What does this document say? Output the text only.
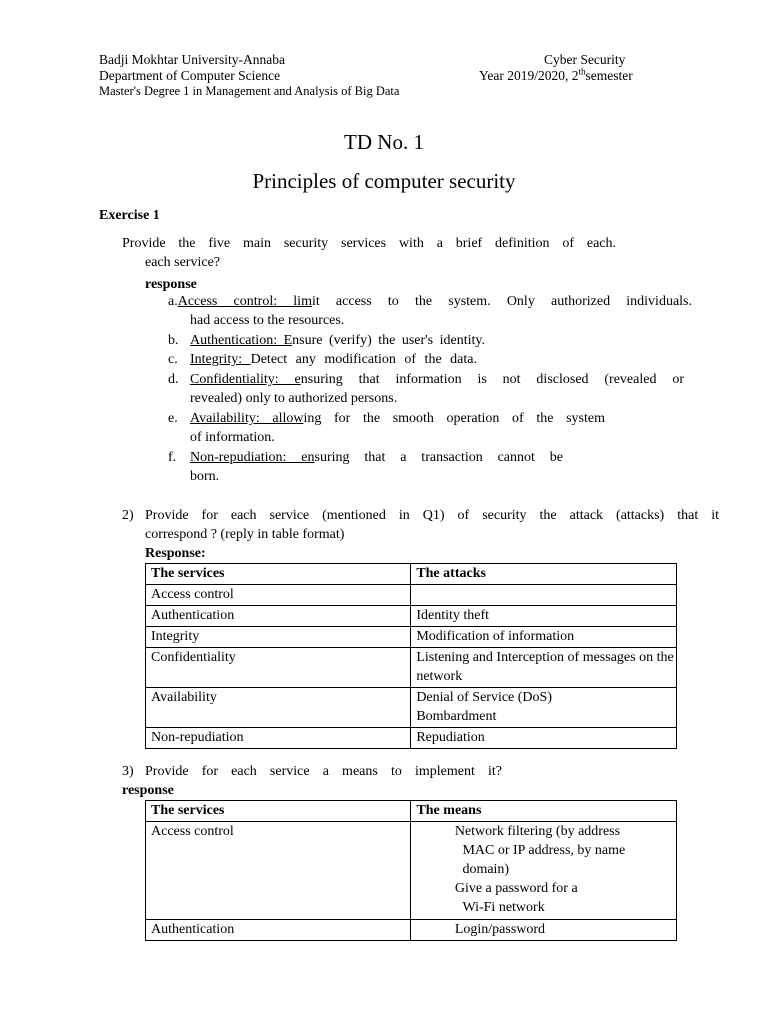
Badji Mokhtar University-Annaba
Department of Computer Science
Master's Degree 1 in Management and Analysis of Big Data
Cyber Security
Year 2019/2020, 2thsemester
TD No. 1
Principles of computer security
Exercise 1
Provide the five main security services with a brief definition of each.
each service?
response
a.Access control: limit access to the system. Only authorized individuals.
had access to the resources.
b. Authentication: Ensure (verify) the user's identity.
c. Integrity: Detect any modification of the data.
d. Confidentiality: ensuring that information is not disclosed (revealed or
revealed) only to authorized persons.
e. Availability: allowing for the smooth operation of the system
of information.
f. Non-repudiation: ensuring that a transaction cannot be
born.
2) Provide for each service (mentioned in Q1) of security the attack (attacks) that it
correspond ? (reply in table format)
Response:
The services	The attacks
Access control	
Authentication	Identity theft
Integrity	Modification of information
Confidentiality	Listening and Interception of messages on the network
Availability	Denial of Service (DoS) Bombardment
Non-repudiation	Repudiation
3) Provide for each service a means to implement it?
response
The services	The means
Access control	Network filtering (by address
MAC or IP address, by name
domain)
Give a password for a
Wi-Fi network

Authentication	Login/password
